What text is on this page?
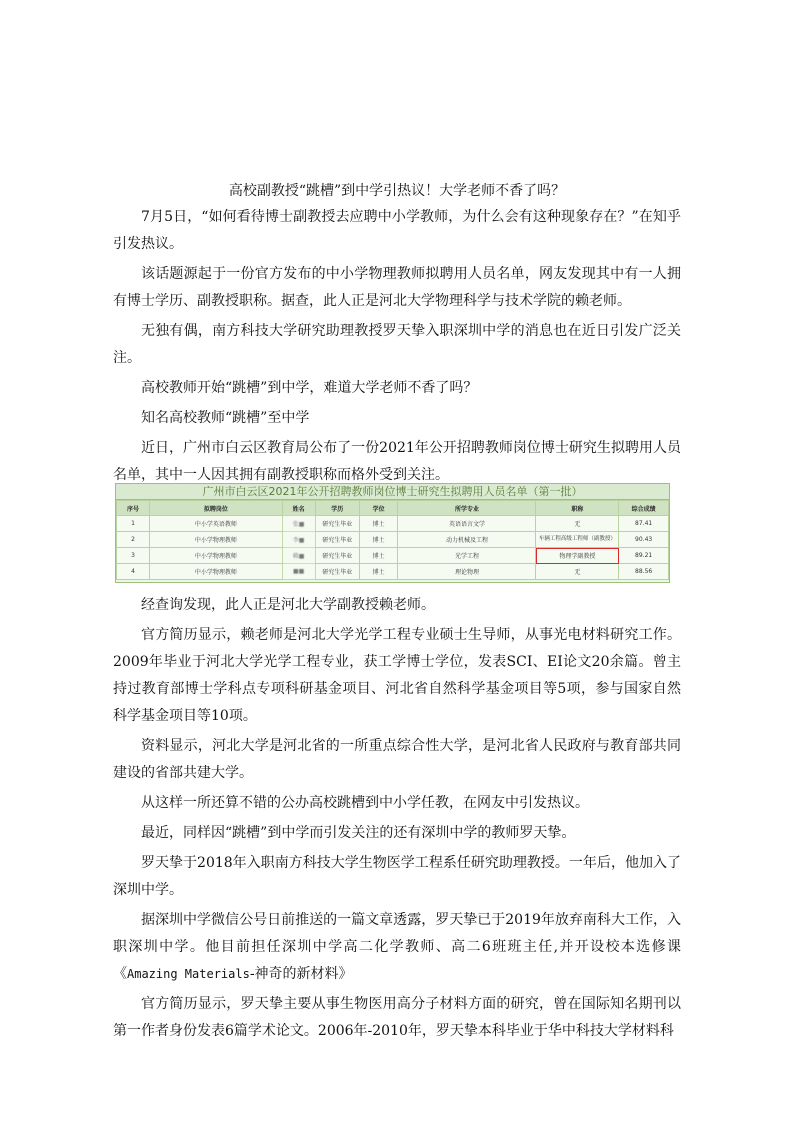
高校副教授“跳槽”到中学引热议！大学老师不香了吗？

7月5日，“如何看待博士副教授去应聘中小学教师，为什么会有这种现象存在？”在知乎引发热议。

该话题源起于一份官方发布的中小学物理教师拟聘用人员名单，网友发现其中有一人拥有博士学历、副教授职称。据查，此人正是河北大学物理科学与技术学院的赖老师。

无独有偶，南方科技大学研究助理教授罗天挚入职深圳中学的消息也在近日引发广泛关注。

高校教师开始“跳槽”到中学，难道大学老师不香了吗？

知名高校教师“跳槽”至中学

近日，广州市白云区教育局公布了一份2021年公开招聘教师岗位博士研究生拟聘用人员名单，其中一人因其拥有副教授职称而格外受到关注。

广州市白云区2021年公开招聘教师岗位博士研究生拟聘用人员名单（第一批）
序号	拟聘岗位	姓名	学历	学位	所学专业	职称	综合成绩
1	中小学英语教师	张■	研究生毕业	博士	英语语言文学	无	87.41
2	中小学物理教师	李■	研究生毕业	博士	动力机械及工程	车辆工程高级工程师（副教授）	90.43
3	中小学物理教师	赖■	研究生毕业	博士	光学工程	物理学副教授	89.21
4	中小学物理教师	■■	研究生毕业	博士	理论物理	无	88.56

经查询发现，此人正是河北大学副教授赖老师。

官方简历显示，赖老师是河北大学光学工程专业硕士生导师，从事光电材料研究工作。2009年毕业于河北大学光学工程专业，获工学博士学位，发表SCI、EI论文20余篇。曾主持过教育部博士学科点专项科研基金项目、河北省自然科学基金项目等5项，参与国家自然科学基金项目等10项。

资料显示，河北大学是河北省的一所重点综合性大学，是河北省人民政府与教育部共同建设的省部共建大学。

从这样一所还算不错的公办高校跳槽到中小学任教，在网友中引发热议。

最近，同样因“跳槽”到中学而引发关注的还有深圳中学的教师罗天挚。

罗天挚于2018年入职南方科技大学生物医学工程系任研究助理教授。一年后，他加入了深圳中学。

据深圳中学微信公号日前推送的一篇文章透露，罗天挚已于2019年放弃南科大工作，入职深圳中学。他目前担任深圳中学高二化学教师、高二6班班主任,并开设校本选修课《Amazing Materials-神奇的新材料》

官方简历显示，罗天挚主要从事生物医用高分子材料方面的研究，曾在国际知名期刊以第一作者身份发表6篇学术论文。2006年-2010年，罗天挚本科毕业于华中科技大学材料科
